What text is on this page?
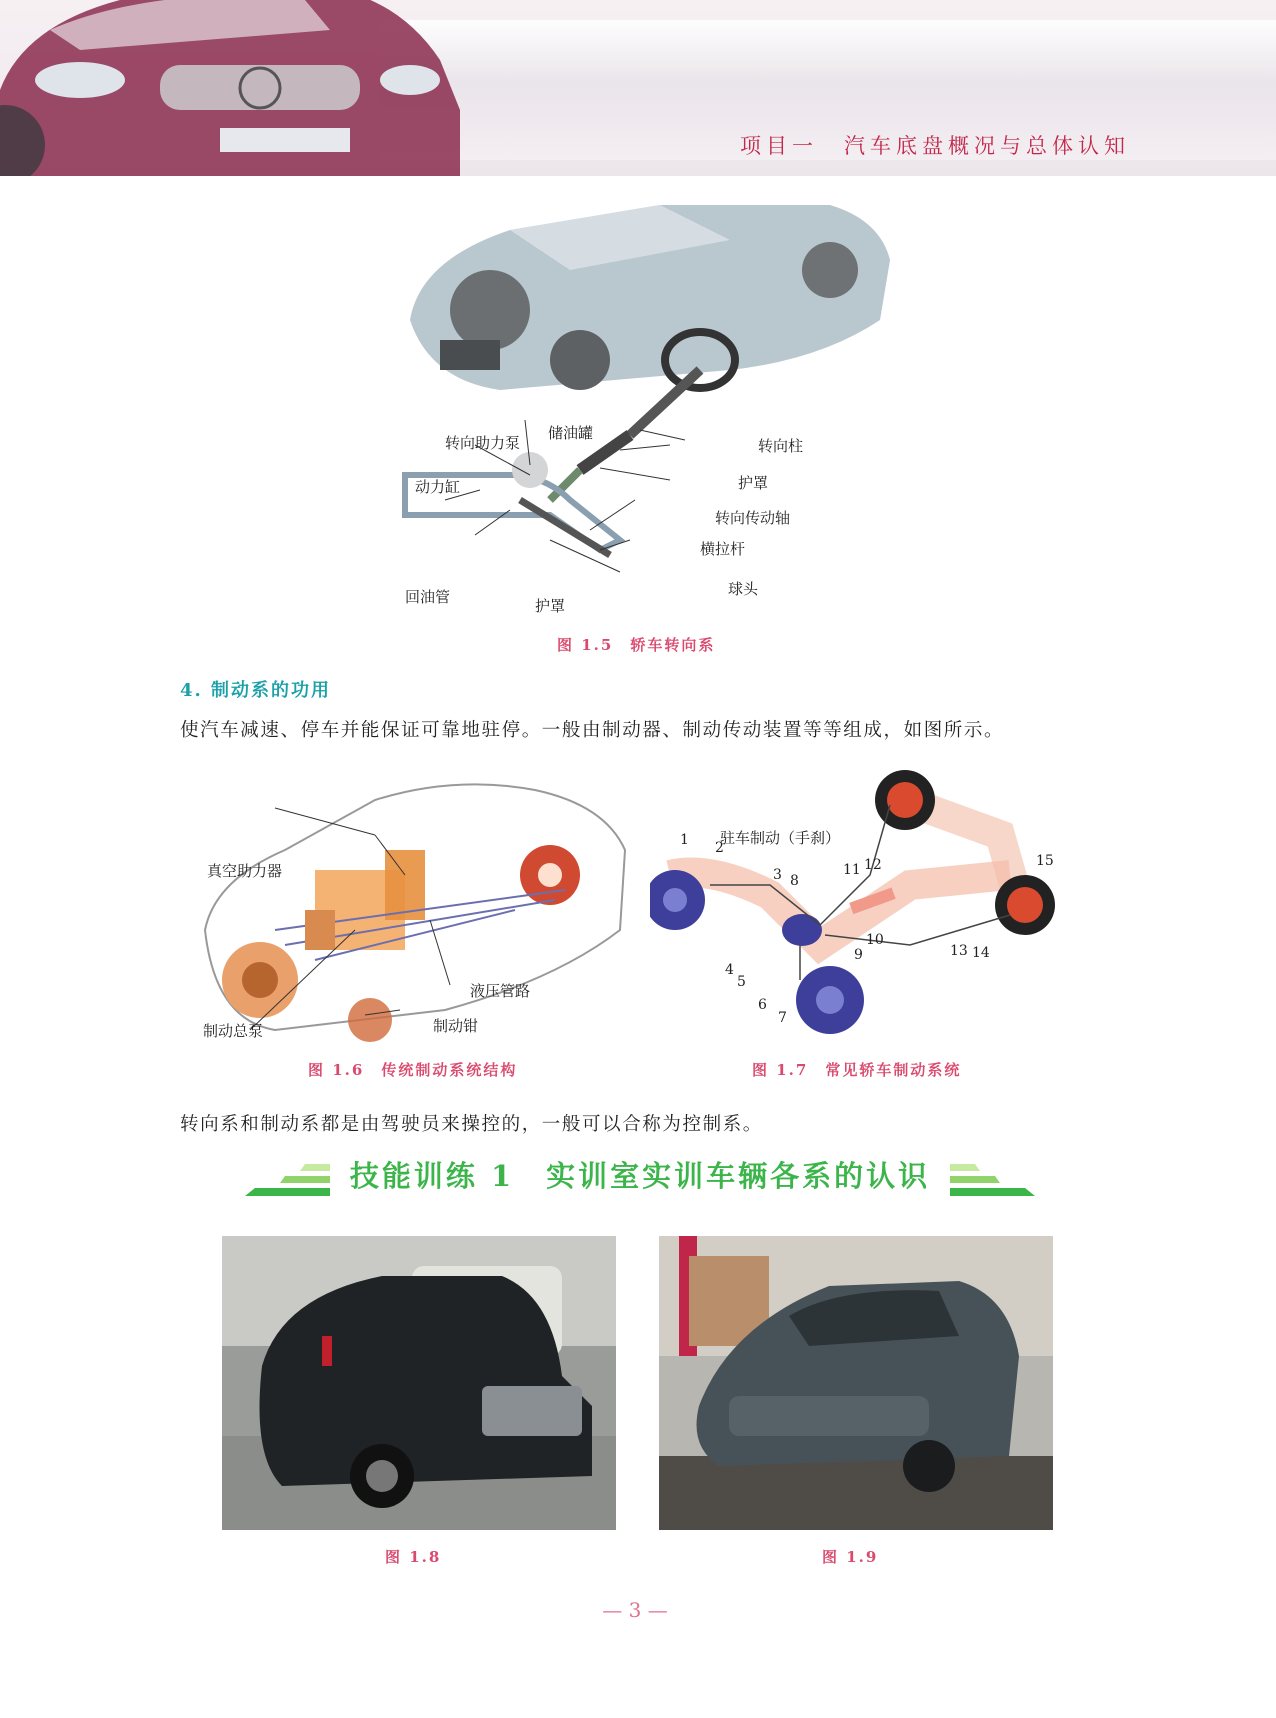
项目一　汽车底盘概况与总体认知
转向助力泵
储油罐
转向柱
动力缸	护罩
转向传动轴
横拉杆
回油管	球头
护罩
图 1.5　轿车转向系
4. 制动系的功用
使汽车减速、停车并能保证可靠地驻停。一般由制动器、制动传动装置等等组成，如图所示。
真空助力器
液压管路
制动钳
制动总泵
图 1.6　传统制动系统结构
驻车制动（手刹）
1 2
3 8
11 12	15
10
9	13 14
4
5
6
7
图 1.7　常见轿车制动系统
转向系和制动系都是由驾驶员来操控的，一般可以合称为控制系。
技能训练 1　实训室实训车辆各系的认识
图 1.8	图 1.9
— 3 —
